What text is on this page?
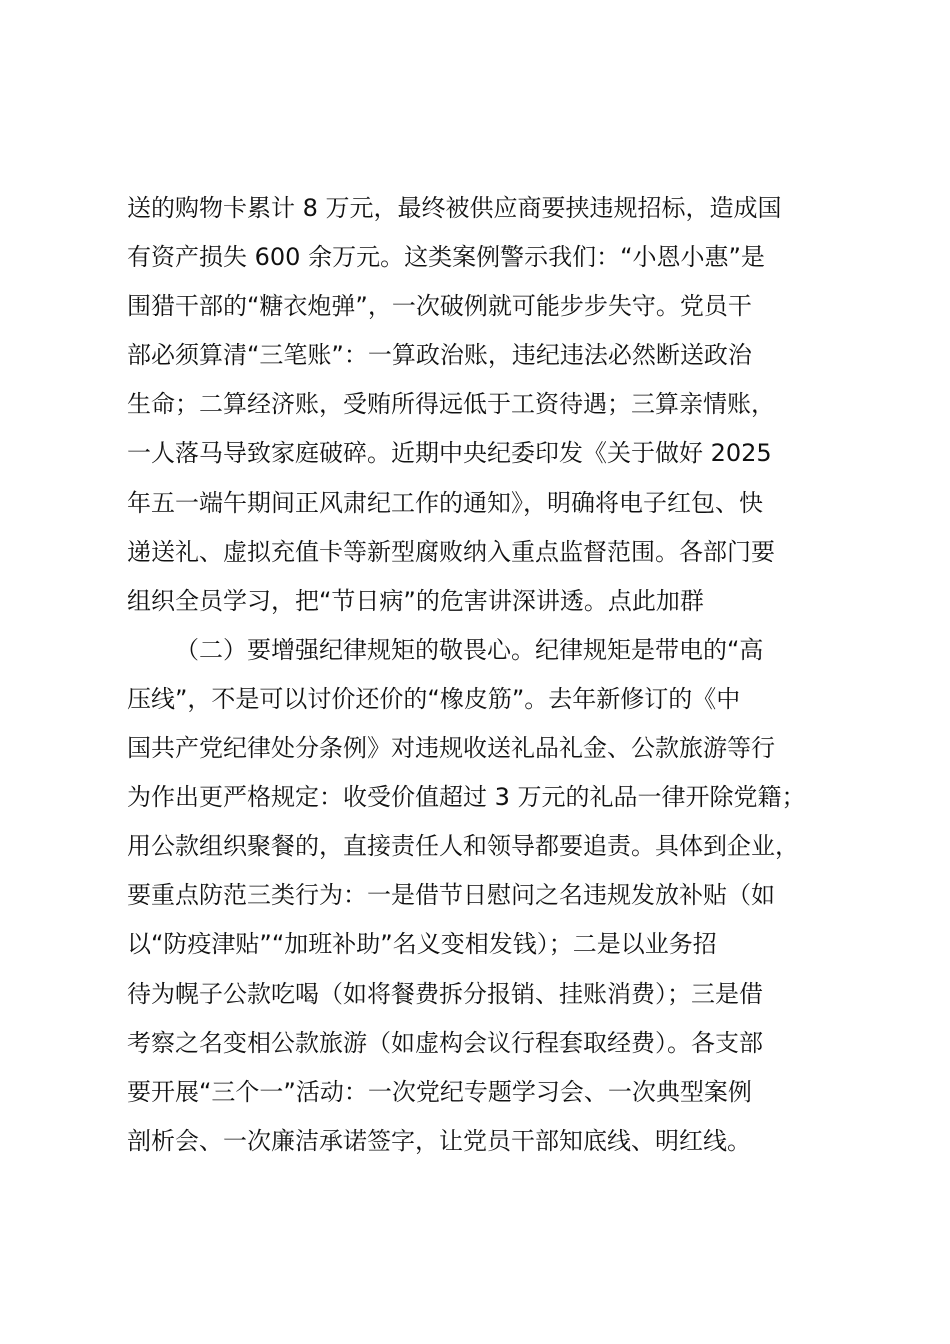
送的购物卡累计 8 万元，最终被供应商要挟违规招标，造成国
有资产损失 600 余万元。这类案例警示我们：“小恩小惠”是
围猎干部的“糖衣炮弹”，一次破例就可能步步失守。党员干
部必须算清“三笔账”：一算政治账，违纪违法必然断送政治
生命；二算经济账，受贿所得远低于工资待遇；三算亲情账，
一人落马导致家庭破碎。近期中央纪委印发《关于做好 2025
年五一端午期间正风肃纪工作的通知》，明确将电子红包、快
递送礼、虚拟充值卡等新型腐败纳入重点监督范围。各部门要
组织全员学习，把“节日病”的危害讲深讲透。点此加群
（二）要增强纪律规矩的敬畏心。纪律规矩是带电的“高
压线”，不是可以讨价还价的“橡皮筋”。去年新修订的《中
国共产党纪律处分条例》对违规收送礼品礼金、公款旅游等行
为作出更严格规定：收受价值超过 3 万元的礼品一律开除党籍；
用公款组织聚餐的，直接责任人和领导都要追责。具体到企业，
要重点防范三类行为：一是借节日慰问之名违规发放补贴（如
以“防疫津贴”“加班补助”名义变相发钱）；二是以业务招
待为幌子公款吃喝（如将餐费拆分报销、挂账消费）；三是借
考察之名变相公款旅游（如虚构会议行程套取经费）。各支部
要开展“三个一”活动：一次党纪专题学习会、一次典型案例
剖析会、一次廉洁承诺签字，让党员干部知底线、明红线。
